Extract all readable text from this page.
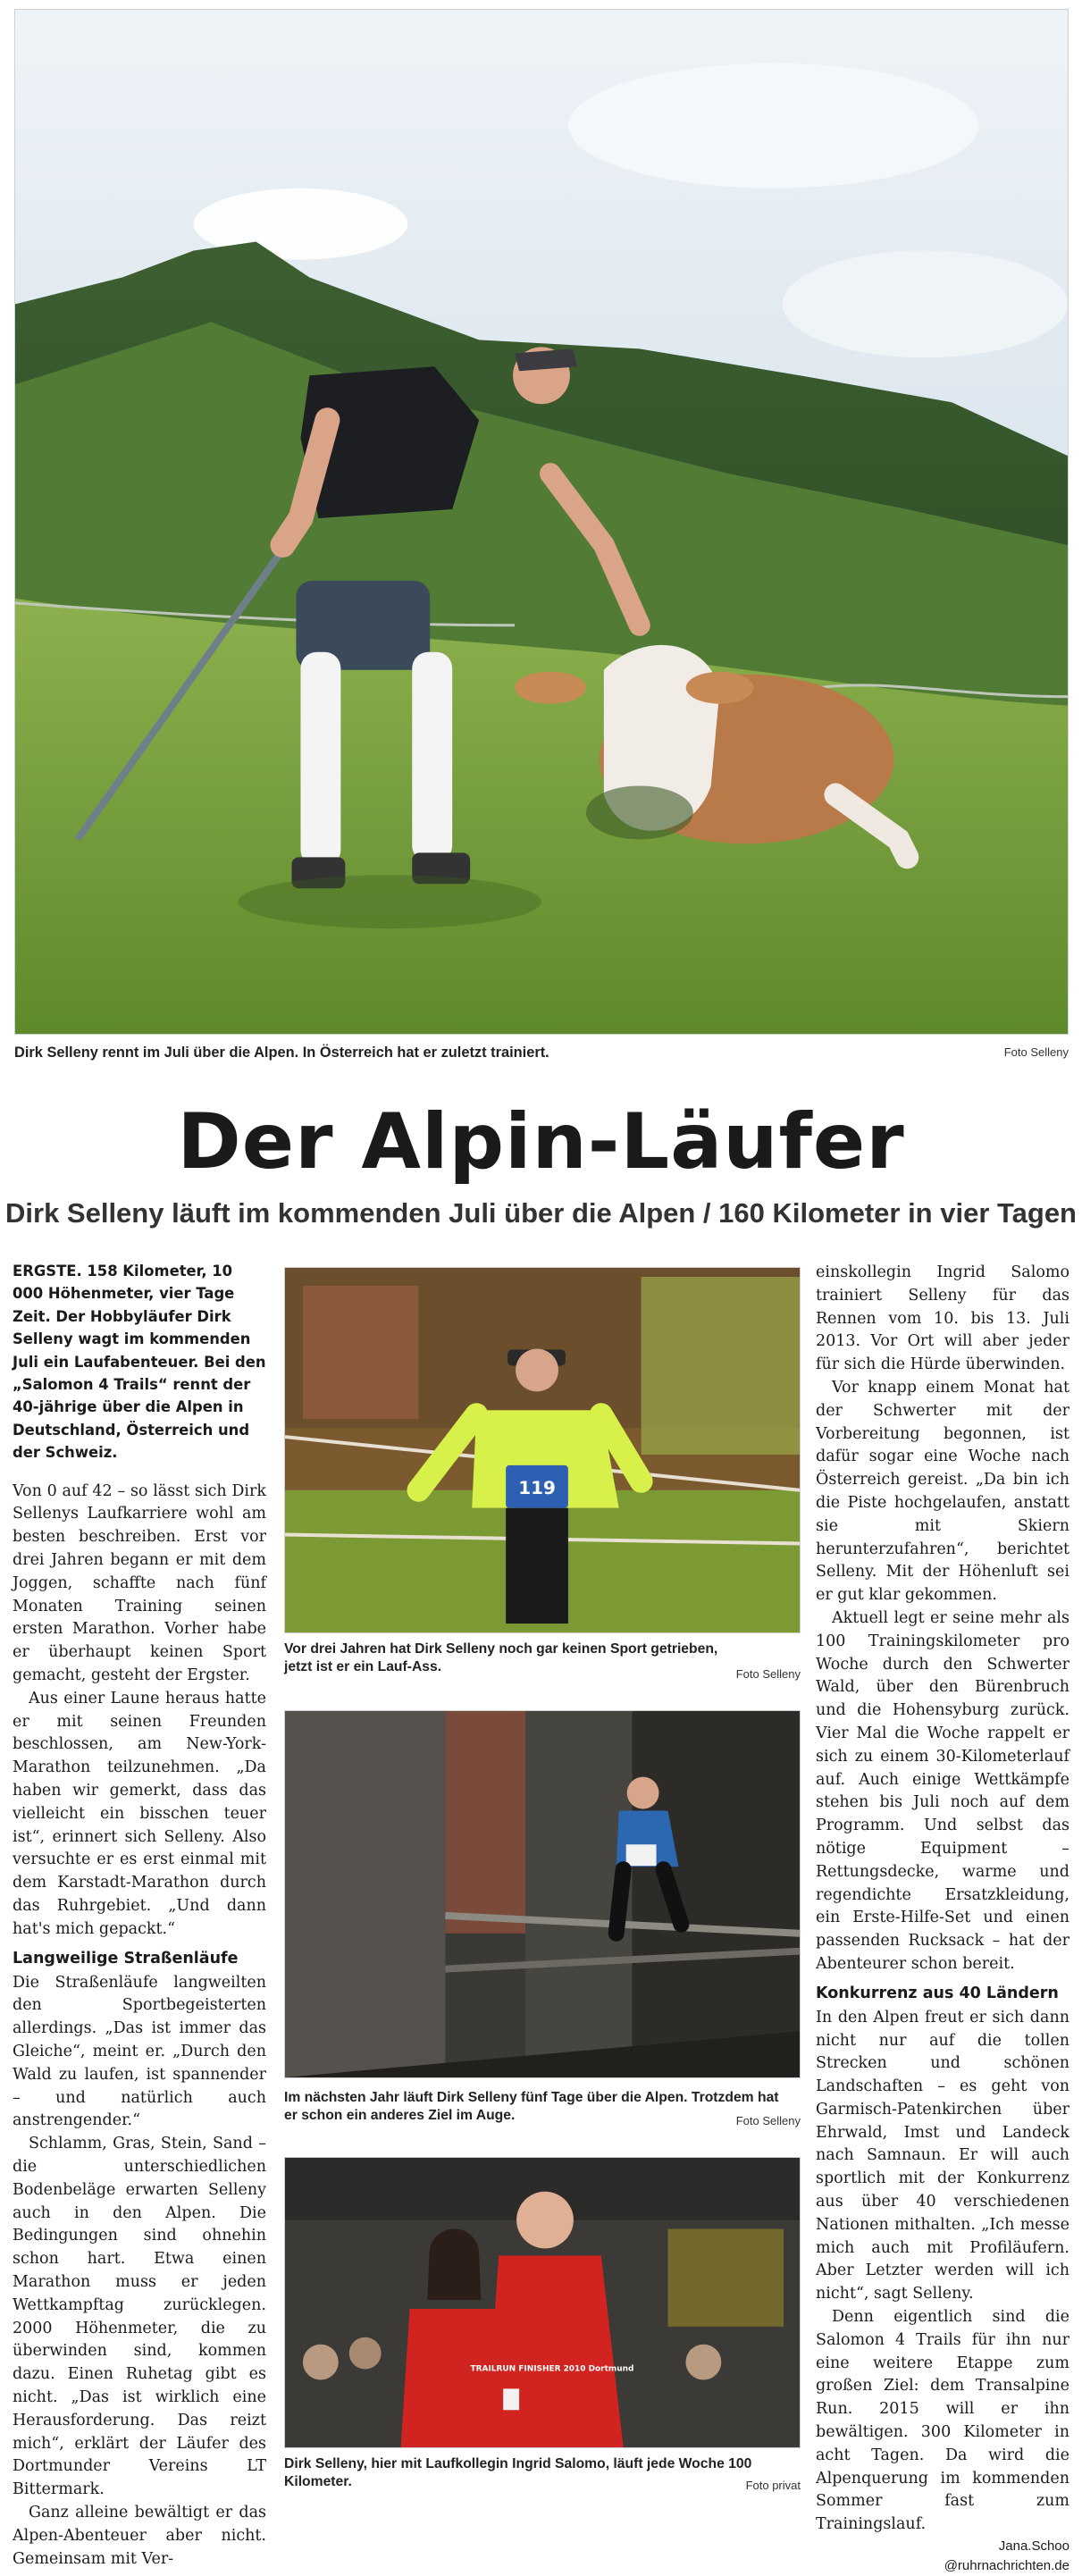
Dirk Selleny rennt im Juli über die Alpen. In Österreich hat er zuletzt trainiert.	Foto Selleny
Der Alpin-Läufer
Dirk Selleny läuft im kommenden Juli über die Alpen / 160 Kilometer in vier Tagen

ERGSTE. 158 Kilometer, 10 000 Höhenmeter, vier Tage Zeit. Der Hobbyläufer Dirk Selleny wagt im kommenden Juli ein Laufabenteuer. Bei den „Salomon 4 Trails“ rennt der 40-jährige über die Alpen in Deutschland, Österreich und der Schweiz.

Von 0 auf 42 – so lässt sich Dirk Sellenys Laufkarriere wohl am besten beschreiben. Erst vor drei Jahren begann er mit dem Joggen, schaffte nach fünf Monaten Training seinen ersten Marathon. Vorher habe er überhaupt keinen Sport gemacht, gesteht der Ergster.

Aus einer Laune heraus hatte er mit seinen Freunden beschlossen, am New-York-Marathon teilzunehmen. „Da haben wir gemerkt, dass das vielleicht ein bisschen teuer ist“, erinnert sich Selleny. Also versuchte er es erst einmal mit dem Karstadt-Marathon durch das Ruhrgebiet. „Und dann hat's mich gepackt.“

Langweilige Straßenläufe

Die Straßenläufe langweilten den Sportbegeisterten allerdings. „Das ist immer das Gleiche“, meint er. „Durch den Wald zu laufen, ist spannender – und natürlich auch anstrengender.“

Schlamm, Gras, Stein, Sand – die unterschiedlichen Bodenbeläge erwarten Selleny auch in den Alpen. Die Bedingungen sind ohnehin schon hart. Etwa einen Marathon muss er jeden Wettkampftag zurücklegen. 2000 Höhenmeter, die zu überwinden sind, kommen dazu. Einen Ruhetag gibt es nicht. „Das ist wirklich eine Herausforderung. Das reizt mich“, erklärt der Läufer des Dortmunder Vereins LT Bittermark.

Ganz alleine bewältigt er das Alpen-Abenteuer aber nicht. Gemeinsam mit Ver-

119
Vor drei Jahren hat Dirk Selleny noch gar keinen Sport getrieben, jetzt ist er ein Lauf-Ass.	Foto Selleny
Im nächsten Jahr läuft Dirk Selleny fünf Tage über die Alpen. Trotzdem hat er schon ein anderes Ziel im Auge.	Foto Selleny
TRAILRUN FINISHER 2010 Dortmund
Dirk Selleny, hier mit Laufkollegin Ingrid Salomo, läuft jede Woche 100 Kilometer.	Foto privat

einskollegin Ingrid Salomo trainiert Selleny für das Rennen vom 10. bis 13. Juli 2013. Vor Ort will aber jeder für sich die Hürde überwinden.

Vor knapp einem Monat hat der Schwerter mit der Vorbereitung begonnen, ist dafür sogar eine Woche nach Österreich gereist. „Da bin ich die Piste hochgelaufen, anstatt sie mit Skiern herunterzufahren“, berichtet Selleny. Mit der Höhenluft sei er gut klar gekommen.

Aktuell legt er seine mehr als 100 Trainingskilometer pro Woche durch den Schwerter Wald, über den Bürenbruch und die Hohensyburg zurück. Vier Mal die Woche rappelt er sich zu einem 30-Kilometerlauf auf. Auch einige Wettkämpfe stehen bis Juli noch auf dem Programm. Und selbst das nötige Equipment – Rettungsdecke, warme und regendichte Ersatzkleidung, ein Erste-Hilfe-Set und einen passenden Rucksack – hat der Abenteurer schon bereit.

Konkurrenz aus 40 Ländern

In den Alpen freut er sich dann nicht nur auf die tollen Strecken und schönen Landschaften – es geht von Garmisch-Patenkirchen über Ehrwald, Imst und Landeck nach Samnaun. Er will auch sportlich mit der Konkurrenz aus über 40 verschiedenen Nationen mithalten. „Ich messe mich auch mit Profiläufern. Aber Letzter werden will ich nicht“, sagt Selleny.

Denn eigentlich sind die Salomon 4 Trails für ihn nur eine weitere Etappe zum großen Ziel: dem Transalpine Run. 2015 will er ihn bewältigen. 300 Kilometer in acht Tagen. Da wird die Alpenquerung im kommenden Sommer fast zum Trainingslauf.

Jana.Schoo
@ruhrnachrichten.de
